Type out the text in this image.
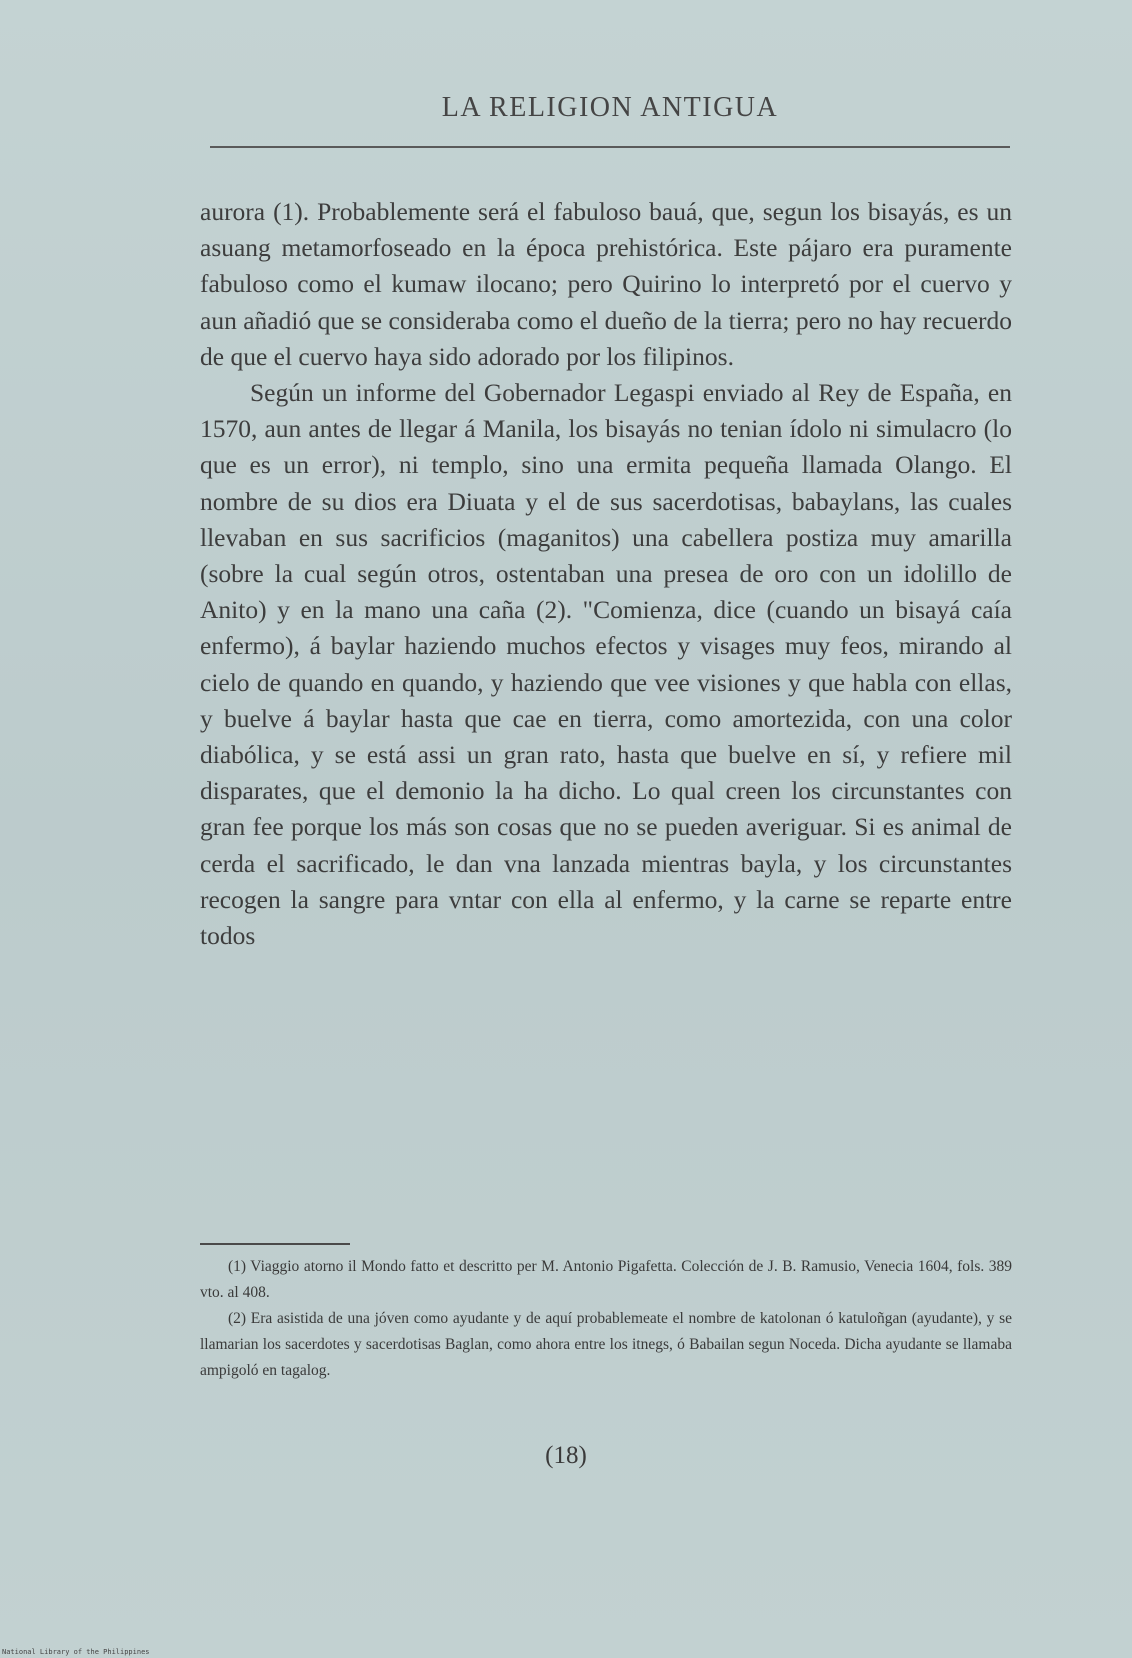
LA RELIGION ANTIGUA

aurora (1). Probablemente será el fabuloso bauá, que, segun los bisayás, es un asuang metamorfoseado en la época prehistórica. Este pájaro era puramente fabuloso como el kumaw ilocano; pero Quirino lo interpretó por el cuervo y aun añadió que se consideraba como el dueño de la tierra; pero no hay recuerdo de que el cuervo haya sido adorado por los filipinos.

Según un informe del Gobernador Legaspi enviado al Rey de España, en 1570, aun antes de llegar á Manila, los bisayás no tenian ídolo ni simulacro (lo que es un error), ni templo, sino una ermita pequeña llamada Olango. El nombre de su dios era Diuata y el de sus sacerdotisas, babaylans, las cuales llevaban en sus sacrificios (maganitos) una cabellera postiza muy amarilla (sobre la cual según otros, ostentaban una presea de oro con un idolillo de Anito) y en la mano una caña (2). "Comienza, dice (cuando un bisayá caía enfermo), á baylar haziendo muchos efectos y visages muy feos, mirando al cielo de quando en quando, y haziendo que vee visiones y que habla con ellas, y buelve á baylar hasta que cae en tierra, como amortezida, con una color diabólica, y se está assi un gran rato, hasta que buelve en sí, y refiere mil disparates, que el demonio la ha dicho. Lo qual creen los circunstantes con gran fee porque los más son cosas que no se pueden averiguar. Si es animal de cerda el sacrificado, le dan vna lanzada mientras bayla, y los circunstantes recogen la sangre para vntar con ella al enfermo, y la carne se reparte entre todos

(1) Viaggio atorno il Mondo fatto et descritto per M. Antonio Pigafetta. Colección de J. B. Ramusio, Venecia 1604, fols. 389 vto. al 408.

(2) Era asistida de una jóven como ayudante y de aquí probablemeate el nombre de katolonan ó katuloñgan (ayudante), y se llamarian los sacerdotes y sacerdotisas Baglan, como ahora entre los itnegs, ó Babailan segun Noceda. Dicha ayudante se llamaba ampigoló en tagalog.

(18)
National Library of the Philippines
